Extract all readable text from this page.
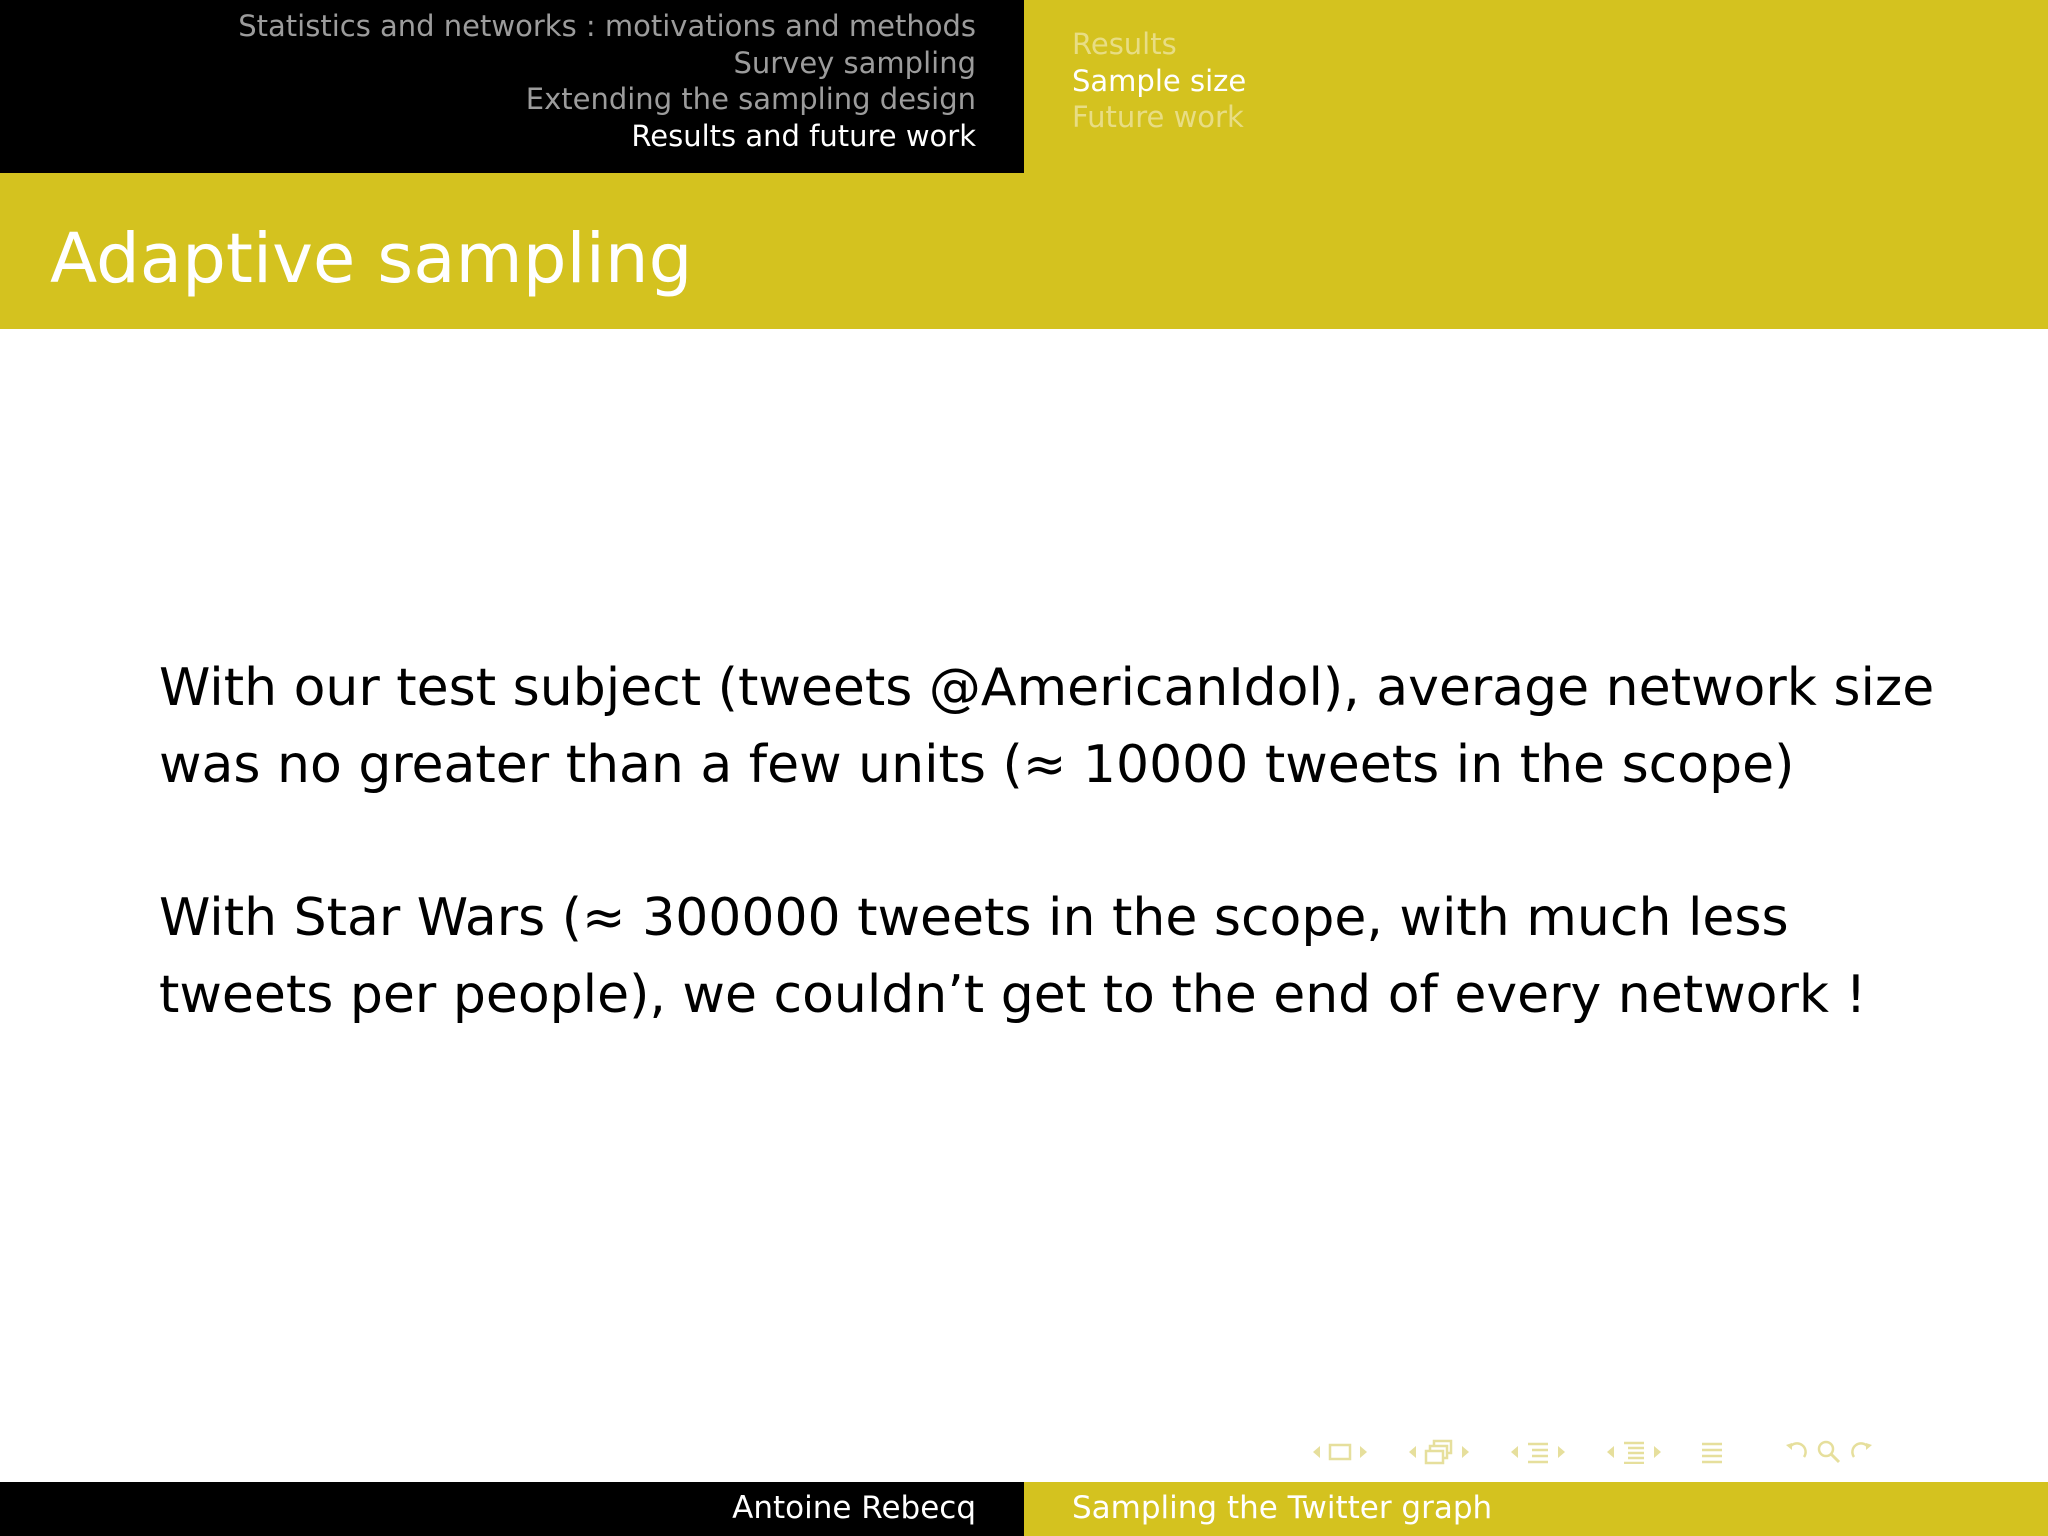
Statistics and networks : motivations and methods
Survey sampling
Extending the sampling design
Results and future work
Results
Sample size
Future work
Adaptive sampling

With our test subject (tweets @AmericanIdol), average network size was no greater than a few units (≈ 10000 tweets in the scope)

With Star Wars (≈ 300000 tweets in the scope, with much less tweets per people), we couldn’t get to the end of every network !

Antoine Rebecq	Sampling the Twitter graph
